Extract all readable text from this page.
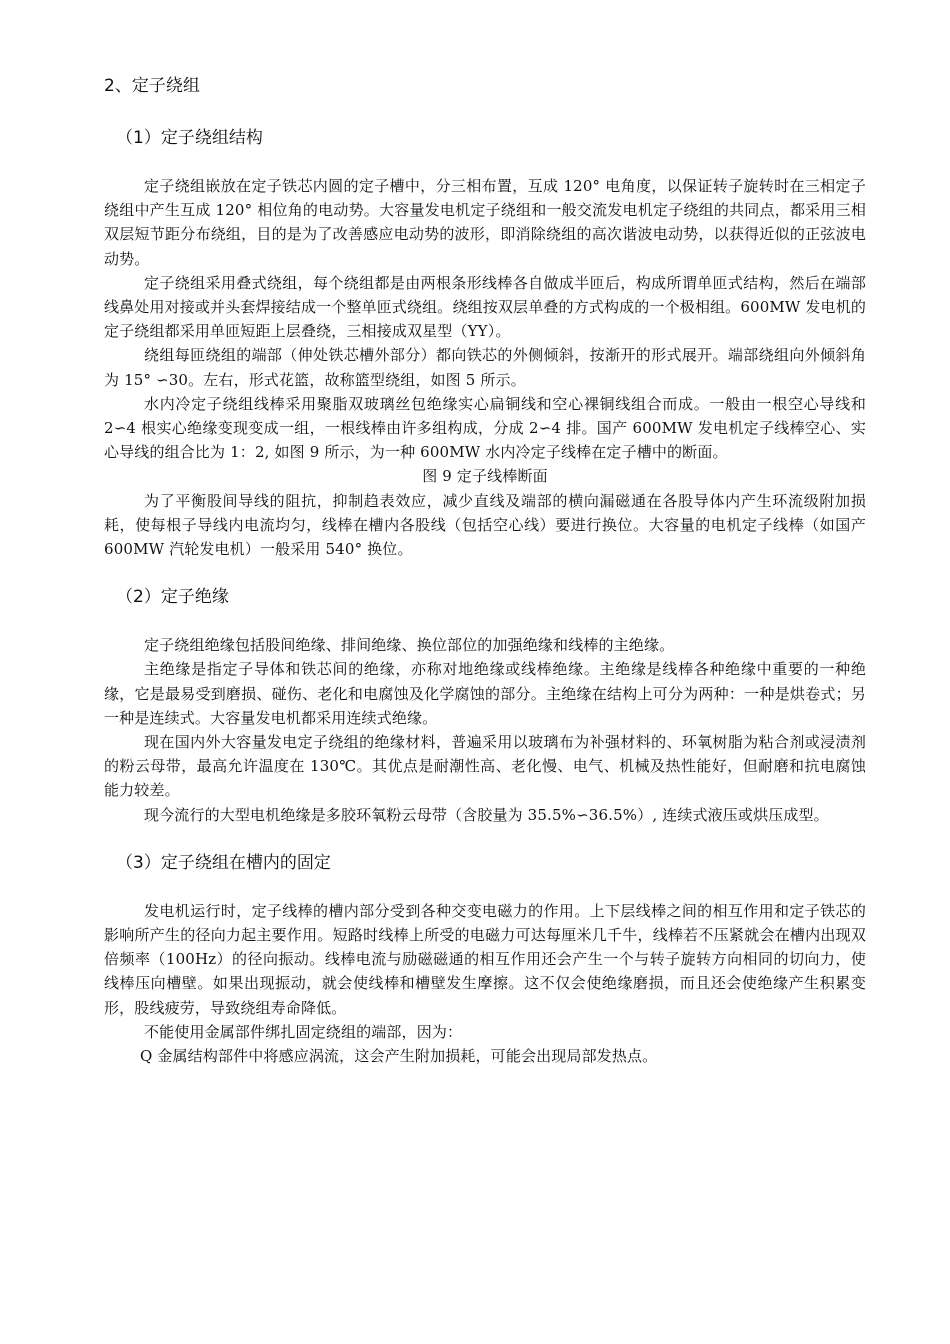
2、定子绕组
（1）定子绕组结构

定子绕组嵌放在定子铁芯内圆的定子槽中，分三相布置，互成 120° 电角度，以保证转子旋转时在三相定子绕组中产生互成 120° 相位角的电动势。大容量发电机定子绕组和一般交流发电机定子绕组的共同点，都采用三相双层短节距分布绕组，目的是为了改善感应电动势的波形，即消除绕组的高次谐波电动势，以获得近似的正弦波电动势。

定子绕组采用叠式绕组，每个绕组都是由两根条形线棒各自做成半匝后，构成所谓单匝式结构，然后在端部线鼻处用对接或并头套焊接结成一个整单匝式绕组。绕组按双层单叠的方式构成的一个极相组。600MW 发电机的定子绕组都采用单匝短距上层叠绕，三相接成双星型（YY）。

绕组每匝绕组的端部（伸处铁芯槽外部分）都向铁芯的外侧倾斜，按渐开的形式展开。端部绕组向外倾斜角为 15° ∽30。左右，形式花篮，故称篮型绕组，如图 5 所示。

水内冷定子绕组线棒采用聚脂双玻璃丝包绝缘实心扁铜线和空心裸铜线组合而成。一般由一根空心导线和 2∽4 根实心绝缘变现变成一组，一根线棒由许多组构成，分成 2∽4 排。国产 600MW 发电机定子线棒空心、实心导线的组合比为 1：2, 如图 9 所示，为一种 600MW 水内冷定子线棒在定子槽中的断面。

图 9 定子线棒断面

为了平衡股间导线的阻抗，抑制趋表效应，减少直线及端部的横向漏磁通在各股导体内产生环流级附加损耗，使每根子导线内电流均匀，线棒在槽内各股线（包括空心线）要进行换位。大容量的电机定子线棒（如国产 600MW 汽轮发电机）一般采用 540° 换位。

（2）定子绝缘

定子绕组绝缘包括股间绝缘、排间绝缘、换位部位的加强绝缘和线棒的主绝缘。

主绝缘是指定子导体和铁芯间的绝缘，亦称对地绝缘或线棒绝缘。主绝缘是线棒各种绝缘中重要的一种绝缘，它是最易受到磨损、碰伤、老化和电腐蚀及化学腐蚀的部分。主绝缘在结构上可分为两种：一种是烘卷式；另一种是连续式。大容量发电机都采用连续式绝缘。

现在国内外大容量发电定子绕组的绝缘材料，普遍采用以玻璃布为补强材料的、环氧树脂为粘合剂或浸渍剂的粉云母带，最高允许温度在 130℃。其优点是耐潮性高、老化慢、电气、机械及热性能好，但耐磨和抗电腐蚀能力较差。

现今流行的大型电机绝缘是多胶环氧粉云母带（含胶量为 35.5%∽36.5%）, 连续式液压或烘压成型。

（3）定子绕组在槽内的固定

发电机运行时，定子线棒的槽内部分受到各种交变电磁力的作用。上下层线棒之间的相互作用和定子铁芯的影响所产生的径向力起主要作用。短路时线棒上所受的电磁力可达每厘米几千牛，线棒若不压紧就会在槽内出现双倍频率（100Hz）的径向振动。线棒电流与励磁磁通的相互作用还会产生一个与转子旋转方向相同的切向力，使线棒压向槽壁。如果出现振动，就会使线棒和槽壁发生摩擦。这不仅会使绝缘磨损，而且还会使绝缘产生积累变形，股线疲劳，导致绕组寿命降低。

不能使用金属部件绑扎固定绕组的端部，因为：

Q 金属结构部件中将感应涡流，这会产生附加损耗，可能会出现局部发热点。
